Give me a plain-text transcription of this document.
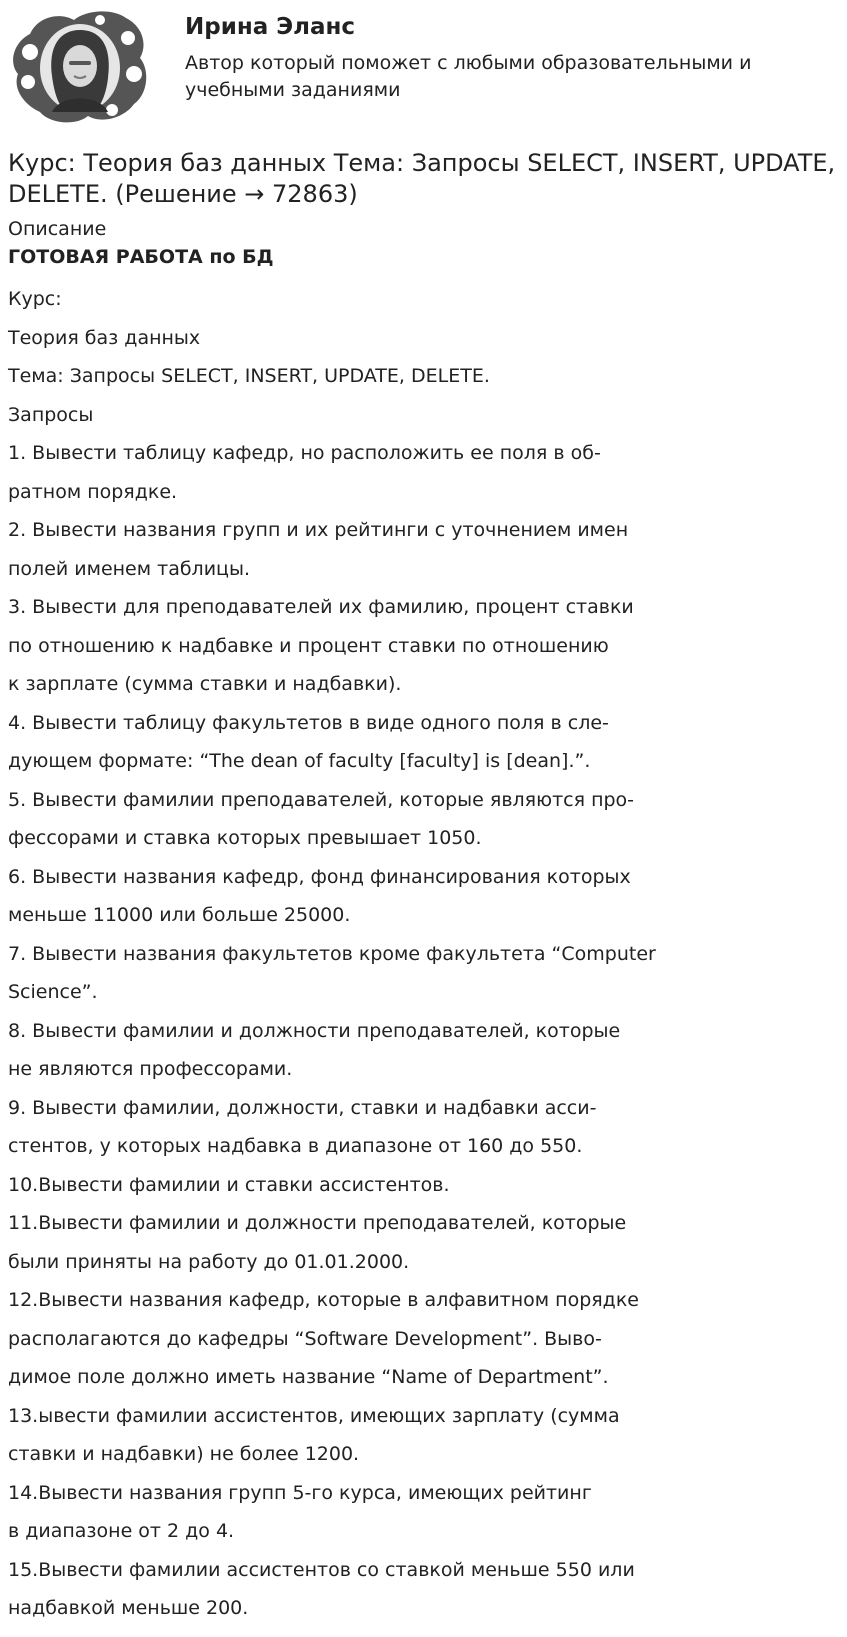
Ирина Эланс
Автор который поможет с любыми образовательными и учебными заданиями
Курс: Теория баз данных Тема: Запросы SELECT, INSERT, UPDATE, DELETE. (Решение → 72863)
Описание
ГОТОВАЯ РАБОТА по БД
Курс:
Теория баз данных
Тема: Запросы SELECT, INSERT, UPDATE, DELETE.
Запросы
1. Вывести таблицу кафедр, но расположить ее поля в об-
ратном порядке.
2. Вывести названия групп и их рейтинги с уточнением имен
полей именем таблицы.
3. Вывести для преподавателей их фамилию, процент ставки
по отношению к надбавке и процент ставки по отношению
к зарплате (сумма ставки и надбавки).
4. Вывести таблицу факультетов в виде одного поля в сле-
дующем формате: “The dean of faculty [faculty] is [dean].”.
5. Вывести фамилии преподавателей, которые являются про-
фессорами и ставка которых превышает 1050.
6. Вывести названия кафедр, фонд финансирования которых
меньше 11000 или больше 25000.
7. Вывести названия факультетов кроме факультета “Computer
Science”.
8. Вывести фамилии и должности преподавателей, которые
не являются профессорами.
9. Вывести фамилии, должности, ставки и надбавки асси-
стентов, у которых надбавка в диапазоне от 160 до 550.
10.Вывести фамилии и ставки ассистентов.
11.Вывести фамилии и должности преподавателей, которые
были приняты на работу до 01.01.2000.
12.Вывести названия кафедр, которые в алфавитном порядке
располагаются до кафедры “Software Development”. Выво-
димое поле должно иметь название “Name of Department”.
13.ывести фамилии ассистентов, имеющих зарплату (сумма
ставки и надбавки) не более 1200.
14.Вывести названия групп 5-го курса, имеющих рейтинг
в диапазоне от 2 до 4.
15.Вывести фамилии ассистентов со ставкой меньше 550 или
надбавкой меньше 200.
